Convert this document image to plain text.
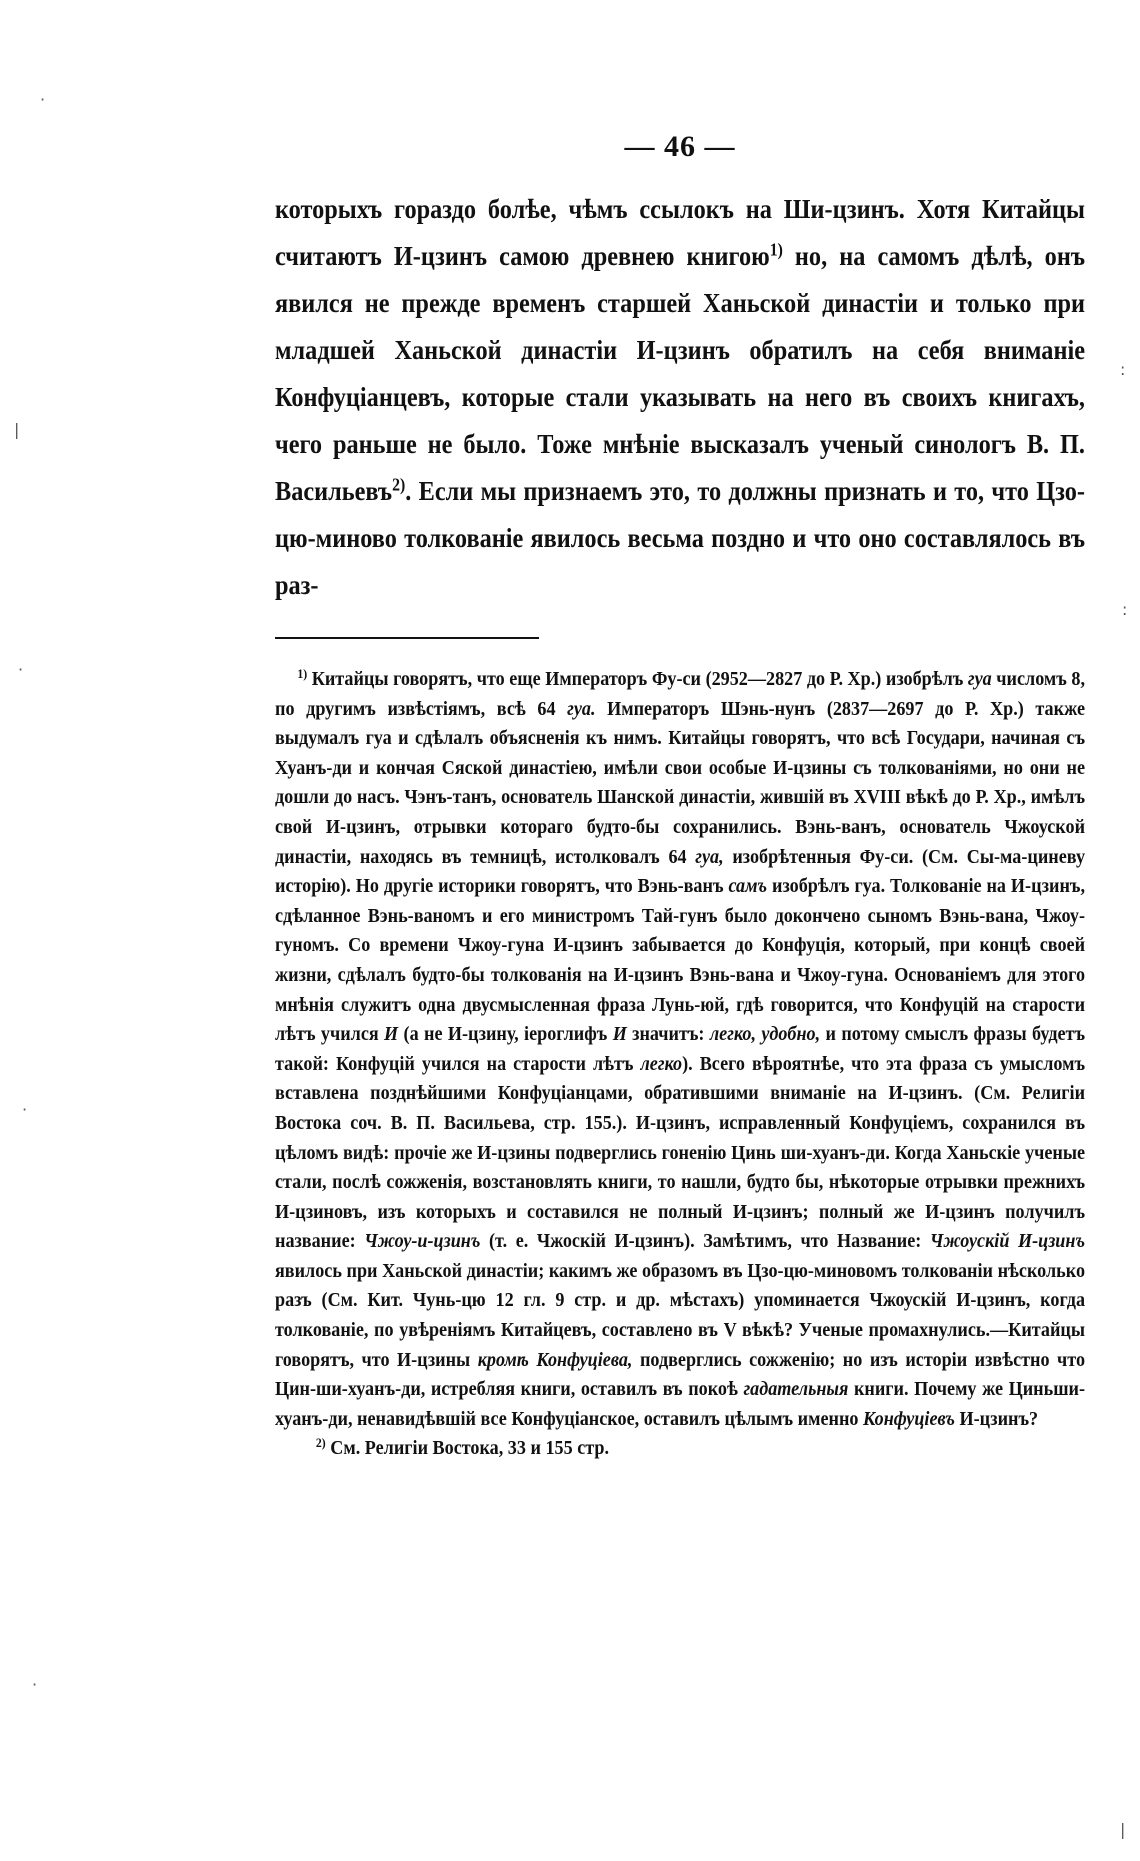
— 46 —

которыхъ гораздо болѣе, чѣмъ ссылокъ на Ши-цзинъ. Хотя Китайцы считаютъ И-цзинъ самою древнею книгою$^{1)}$ но, на самомъ дѣлѣ, онъ явился не прежде временъ старшей Ханьской династiи и только при младшей Ханьской династiи И-цзинъ обратилъ на себя вниманiе Конфуцiанцевъ, которые стали указывать на него въ своихъ книгахъ, чего раньше не было. Тоже мнѣнiе высказалъ ученый синологъ В. П. Васильевъ$^{2)}$. Если мы признаемъ это, то должны признать и то, что Цзо-цю-миново толкованiе явилось весьма поздно и что оно составлялось въ раз-

$^{1)}$ Китайцы говорятъ, что еще Императоръ Фу-си (2952—2827 до Р. Хр.) изобрѣлъ гуа числомъ 8, по другимъ извѣстiямъ, всѣ 64 гуа. Императоръ Шэнь-нунъ (2837—2697 до Р. Хр.) также выдумалъ гуа и сдѣлалъ объясненiя къ нимъ. Китайцы говорятъ, что всѣ Государи, начиная съ Хуанъ-ди и кончая Сяской династiею, имѣли свои особые И-цзины съ толкованiями, но они не дошли до насъ. Чэнъ-танъ, основатель Шанской династiи, жившiй въ XVIII вѣкѣ до Р. Хр., имѣлъ свой И-цзинъ, отрывки котораго будто-бы сохранились. Вэнь-ванъ, основатель Чжоуской династiи, находясь въ темницѣ, истолковалъ 64 гуа, изобрѣтенныя Фу-си. (См. Сы-ма-циневу исторiю). Но другiе историки говорятъ, что Вэнь-ванъ самъ изобрѣлъ гуа. Толкованiе на И-цзинъ, сдѣланное Вэнь-ваномъ и его министромъ Тай-гунъ было докончено сыномъ Вэнь-вана, Чжоу-гуномъ. Со времени Чжоу-гуна И-цзинъ забывается до Конфуцiя, который, при концѣ своей жизни, сдѣлалъ будто-бы толкованiя на И-цзинъ Вэнь-вана и Чжоу-гуна. Основанiемъ для этого мнѣнiя служитъ одна двусмысленная фраза Лунь-юй, гдѣ говорится, что Конфуцiй на старости лѣтъ учился И (а не И-цзину, iероглифъ И значитъ: легко, удобно, и потому смыслъ фразы будетъ такой: Конфуцiй учился на старости лѣтъ легко). Всего вѣроятнѣе, что эта фраза съ умысломъ вставлена позднѣйшими Конфуцiанцами, обратившими вниманiе на И-цзинъ. (См. Религiи Востока соч. В. П. Васильева, стр. 155.). И-цзинъ, исправленный Конфуцiемъ, сохранился въ цѣломъ видѣ: прочiе же И-цзины подверглись гоненiю Цинь ши-хуанъ-ди. Когда Ханьскiе ученые стали, послѣ сожженiя, возстановлять книги, то нашли, будто бы, нѣкоторые отрывки прежнихъ И-цзиновъ, изъ которыхъ и составился не полный И-цзинъ; полный же И-цзинъ получилъ название: Чжоу-и-цзинъ (т. е. Чжоскiй И-цзинъ). Замѣтимъ, что Название: Чжоускiй И-цзинъ явилось при Ханьской династiи; какимъ же образомъ въ Цзо-цю-миновомъ толкованiи нѣсколько разъ (См. Кит. Чунь-цю 12 гл. 9 стр. и др. мѣстахъ) упоминается Чжоускiй И-цзинъ, когда толкованiе, по увѣренiямъ Китайцевъ, составлено въ V вѣкѣ? Ученые промахнулись.—Китайцы говорятъ, что И-цзины кромѣ Конфуцiева, подверглись сожженiю; но изъ исторiи извѣстно что Цин-ши-хуанъ-ди, истребляя книги, оставилъ въ покоѣ гадательныя книги. Почему же Циньши-хуанъ-ди, ненавидѣвшiй все Конфуцiанское, оставилъ цѣлымъ именно Конфуцiевъ И-цзинъ?

$^{2)}$ См. Религiи Востока, 33 и 155 стр.

·
|
·
·
·
:
:
|
